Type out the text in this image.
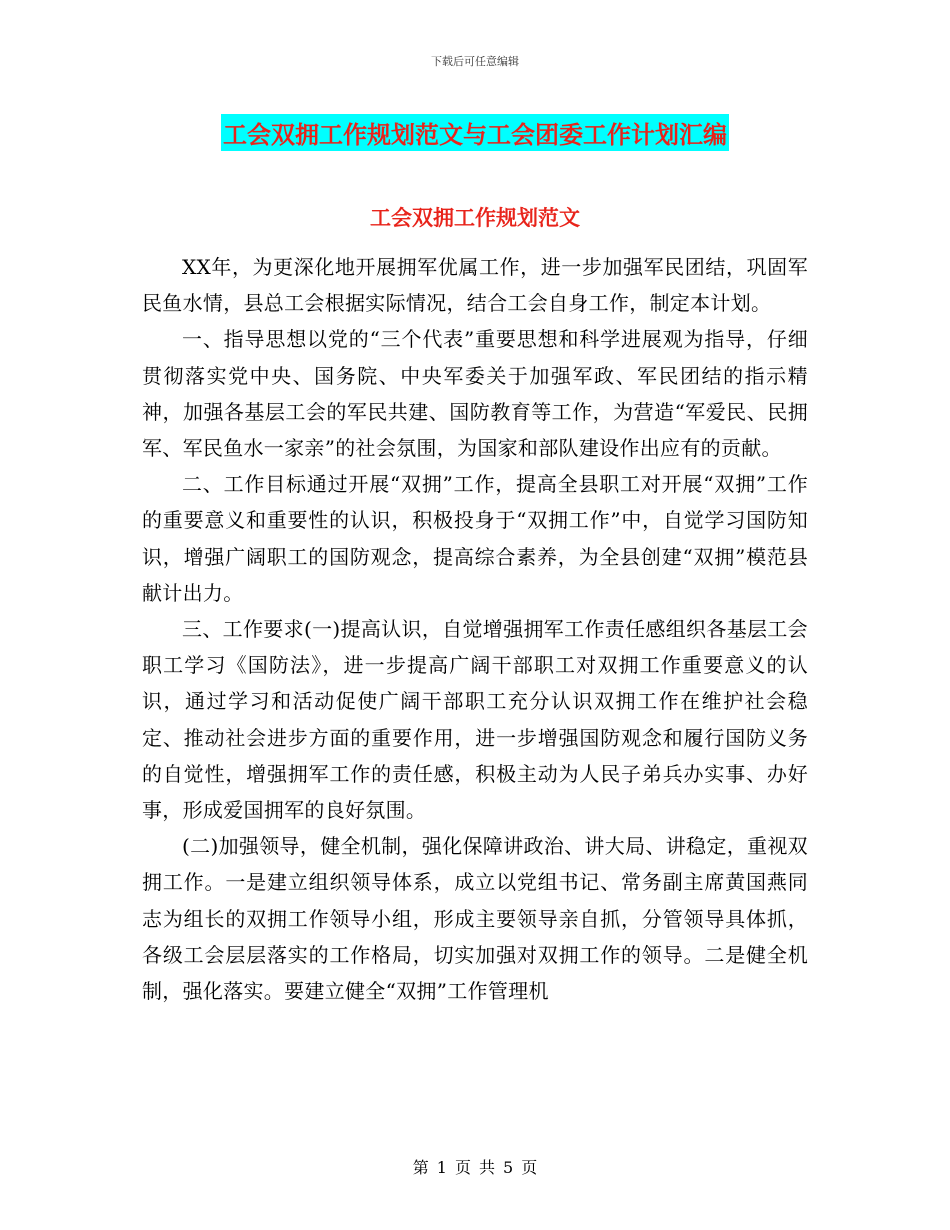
下载后可任意编辑
工会双拥工作规划范文与工会团委工作计划汇编
工会双拥工作规划范文

XX年，为更深化地开展拥军优属工作，进一步加强军民团结，巩固军民鱼水情，县总工会根据实际情况，结合工会自身工作，制定本计划。

一、指导思想以党的“三个代表”重要思想和科学进展观为指导，仔细贯彻落实党中央、国务院、中央军委关于加强军政、军民团结的指示精神，加强各基层工会的军民共建、国防教育等工作，为营造“军爱民、民拥军、军民鱼水一家亲”的社会氛围，为国家和部队建设作出应有的贡献。

二、工作目标通过开展“双拥”工作，提高全县职工对开展“双拥”工作的重要意义和重要性的认识，积极投身于“双拥工作”中，自觉学习国防知识，增强广阔职工的国防观念，提高综合素养，为全县创建“双拥”模范县献计出力。

三、工作要求(一)提高认识，自觉增强拥军工作责任感组织各基层工会职工学习《国防法》，进一步提高广阔干部职工对双拥工作重要意义的认识，通过学习和活动促使广阔干部职工充分认识双拥工作在维护社会稳定、推动社会进步方面的重要作用，进一步增强国防观念和履行国防义务的自觉性，增强拥军工作的责任感，积极主动为人民子弟兵办实事、办好事，形成爱国拥军的良好氛围。

(二)加强领导，健全机制，强化保障讲政治、讲大局、讲稳定，重视双拥工作。一是建立组织领导体系，成立以党组书记、常务副主席黄国燕同志为组长的双拥工作领导小组，形成主要领导亲自抓，分管领导具体抓，各级工会层层落实的工作格局，切实加强对双拥工作的领导。二是健全机制，强化落实。要建立健全“双拥”工作管理机

第 1 页 共 5 页
